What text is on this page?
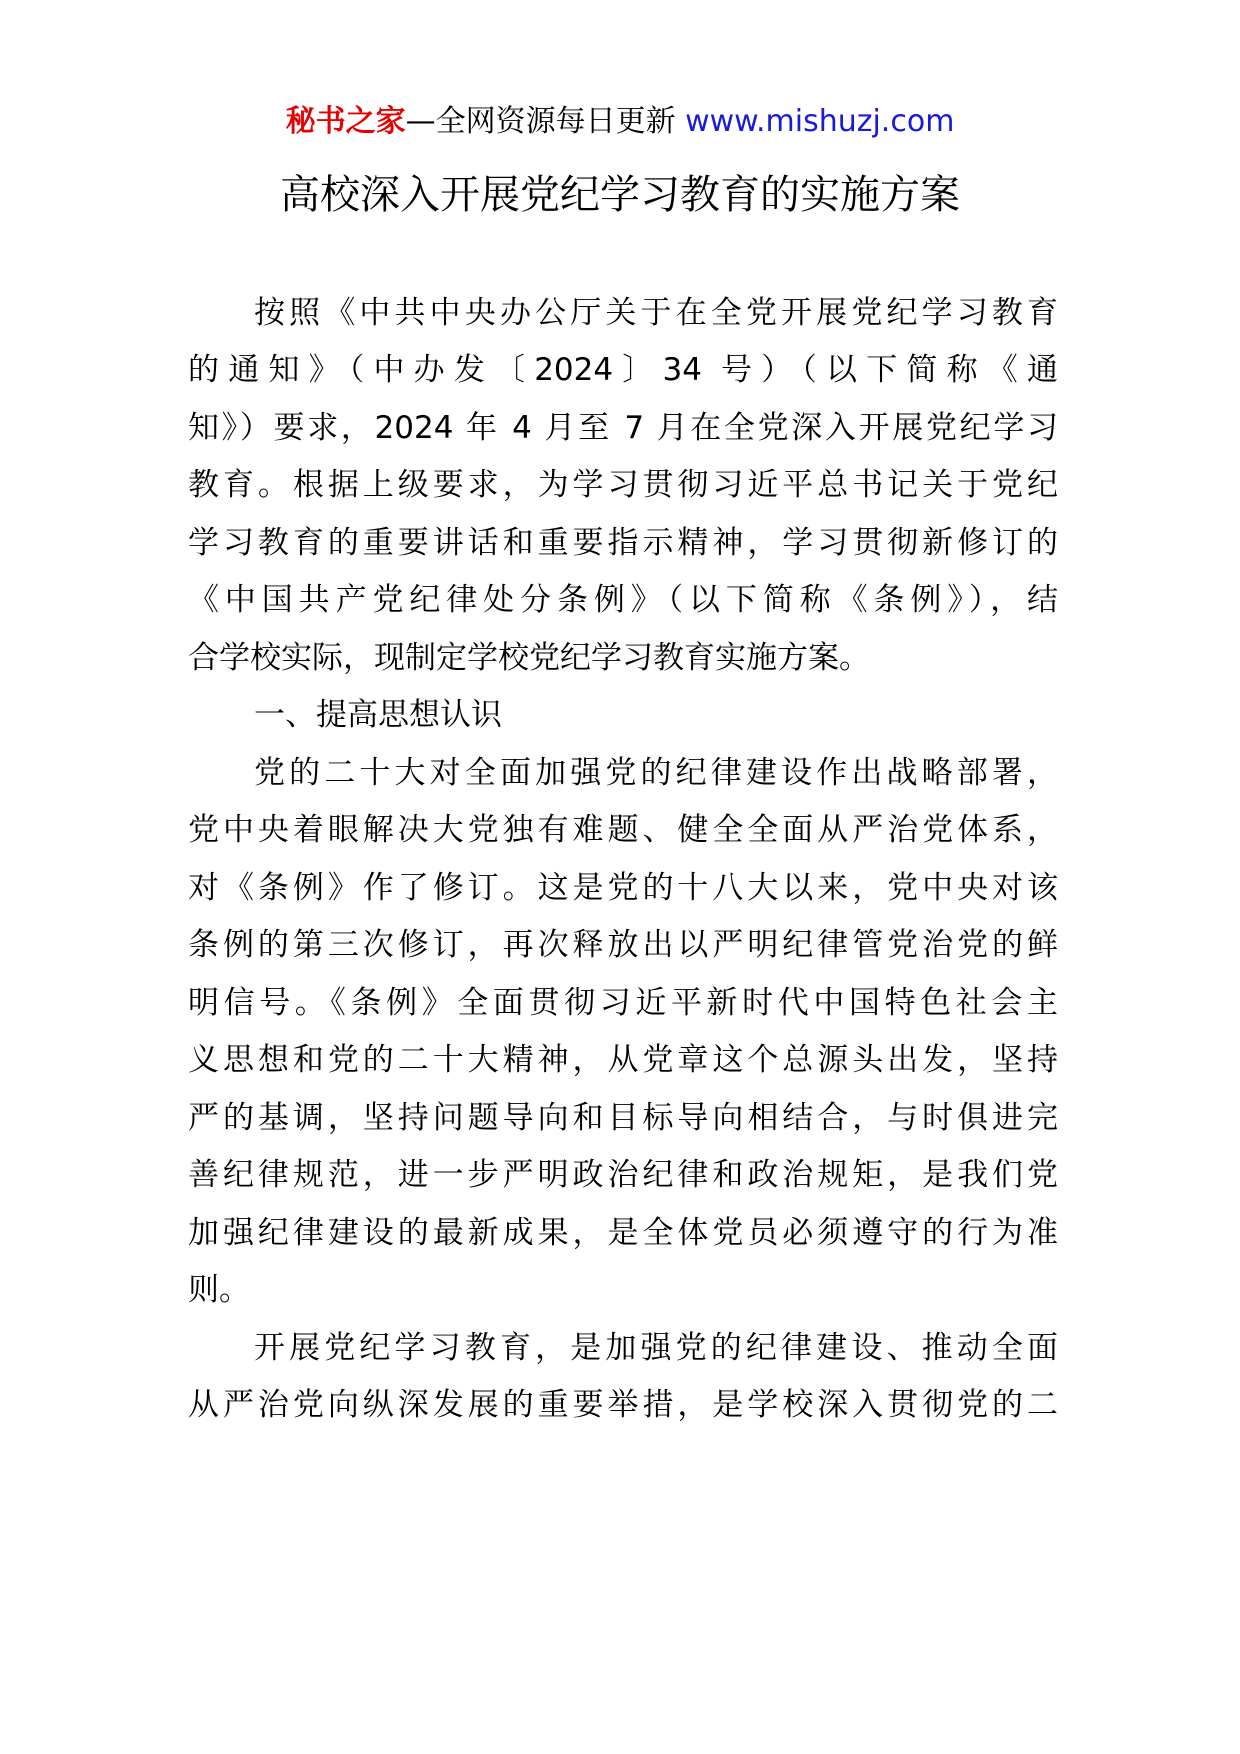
秘书之家—全网资源每日更新 www.mishuzj.com
高校深入开展党纪学习教育的实施方案
按照《中共中央办公厅关于在全党开展党纪学习教育
的通知》（中办发〔2024〕34 号）（以下简称《通
知》）要求，2024 年 4 月至 7 月在全党深入开展党纪学习
教育。根据上级要求，为学习贯彻习近平总书记关于党纪
学习教育的重要讲话和重要指示精神，学习贯彻新修订的
《中国共产党纪律处分条例》（以下简称《条例》），结
合学校实际，现制定学校党纪学习教育实施方案。
一、提高思想认识
党的二十大对全面加强党的纪律建设作出战略部署，
党中央着眼解决大党独有难题、健全全面从严治党体系，
对《条例》作了修订。这是党的十八大以来，党中央对该
条例的第三次修订，再次释放出以严明纪律管党治党的鲜
明信号。《条例》全面贯彻习近平新时代中国特色社会主
义思想和党的二十大精神，从党章这个总源头出发，坚持
严的基调，坚持问题导向和目标导向相结合，与时俱进完
善纪律规范，进一步严明政治纪律和政治规矩，是我们党
加强纪律建设的最新成果，是全体党员必须遵守的行为准
则。
开展党纪学习教育，是加强党的纪律建设、推动全面
从严治党向纵深发展的重要举措，是学校深入贯彻党的二
